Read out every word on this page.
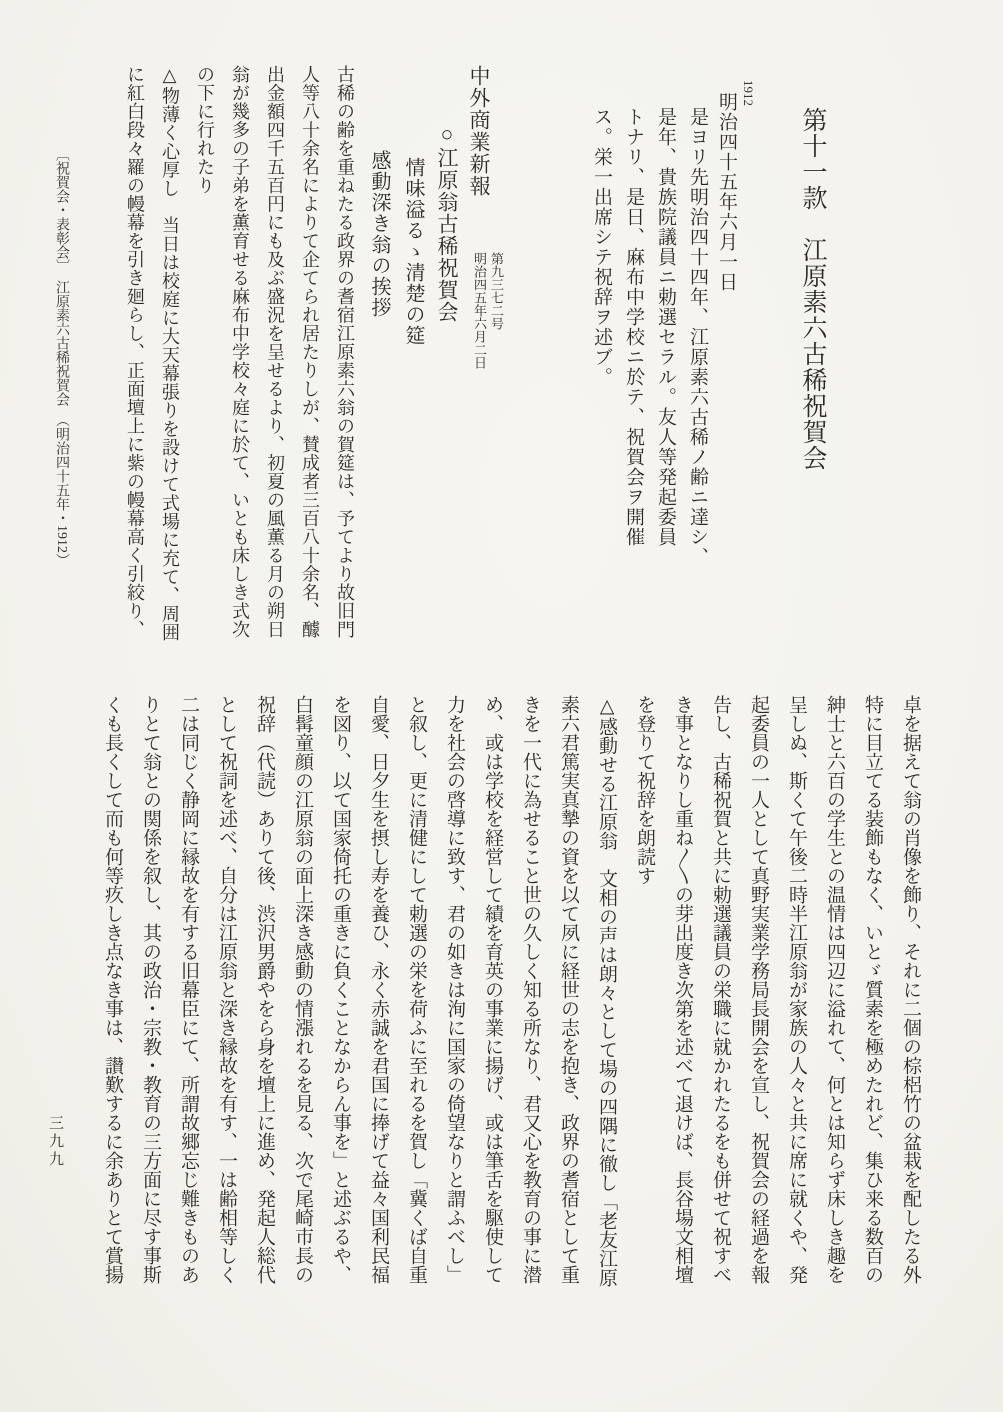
第十一款　江原素六古稀祝賀会
1912
明治四十五年六月一日
是ヨリ先明治四十四年、江原素六古稀ノ齢ニ達シ、
是年、貴族院議員ニ勅選セラル。友人等発起委員
トナリ、是日、麻布中学校ニ於テ、祝賀会ヲ開催
ス。栄一出席シテ祝辞ヲ述ブ。
中外商業新報
第九三七二号
明治四五年六月二日
○江原翁古稀祝賀会
情味溢るゝ清楚の筵
感動深き翁の挨拶
古稀の齢を重ねたる政界の耆宿江原素六翁の賀筵は、予てより故旧門
人等八十余名によりて企てられ居たりしが、賛成者三百八十余名、醵
出金額四千五百円にも及ぶ盛況を呈せるより、初夏の風薫る月の朔日
翁が幾多の子弟を薫育せる麻布中学校々庭に於て、いとも床しき式次
の下に行れたり
△物薄く心厚し　当日は校庭に大天幕張りを設けて式場に充て、周囲
に紅白段々羅の幔幕を引き廻らし、正面壇上に紫の幔幕高く引絞り、
卓を据えて翁の肖像を飾り、それに二個の棕梠竹の盆栽を配したる外
特に目立てる装飾もなく、いとゞ質素を極めたれど、集ひ来る数百の
紳士と六百の学生との温情は四辺に溢れて、何とは知らず床しき趣を
呈しぬ、斯くて午後二時半江原翁が家族の人々と共に席に就くや、発
起委員の一人として真野実業学務局長開会を宣し、祝賀会の経過を報
告し、古稀祝賀と共に勅選議員の栄職に就かれたるをも併せて祝すべ
き事となりし重ね〱の芽出度き次第を述べて退けば、長谷場文相壇
を登りて祝辞を朗読す
△感動せる江原翁　文相の声は朗々として場の四隅に徹し「老友江原
素六君篤実真摯の資を以て夙に経世の志を抱き、政界の耆宿として重
きを一代に為せること世の久しく知る所なり、君又心を教育の事に潜
め、或は学校を経営して績を育英の事業に揚げ、或は筆舌を駆使して
力を社会の啓導に致す、君の如きは洵に国家の倚望なりと謂ふべし」
と叙し、更に清健にして勅選の栄を荷ふに至れるを賀し「冀くば自重
自愛、日夕生を摂し寿を養ひ、永く赤誠を君国に捧げて益々国利民福
を図り、以て国家倚托の重きに負くことなからん事を」と述ぶるや、
白髯童顔の江原翁の面上深き感動の情漲れるを見る、次で尾崎市長の
祝辞（代読）ありて後、渋沢男爵やをら身を壇上に進め、発起人総代
として祝詞を述べ、自分は江原翁と深き縁故を有す、一は齢相等しく
二は同じく静岡に縁故を有する旧幕臣にて、所謂故郷忘じ難きものあ
りとて翁との関係を叙し、其の政治・宗教・教育の三方面に尽す事斯
くも長くして而も何等疚しき点なき事は、讃歎するに余ありとて賞揚
〔祝賀会・表彰会〕　江原素六古稀祝賀会　（明治四十五年・1912）
三九九
